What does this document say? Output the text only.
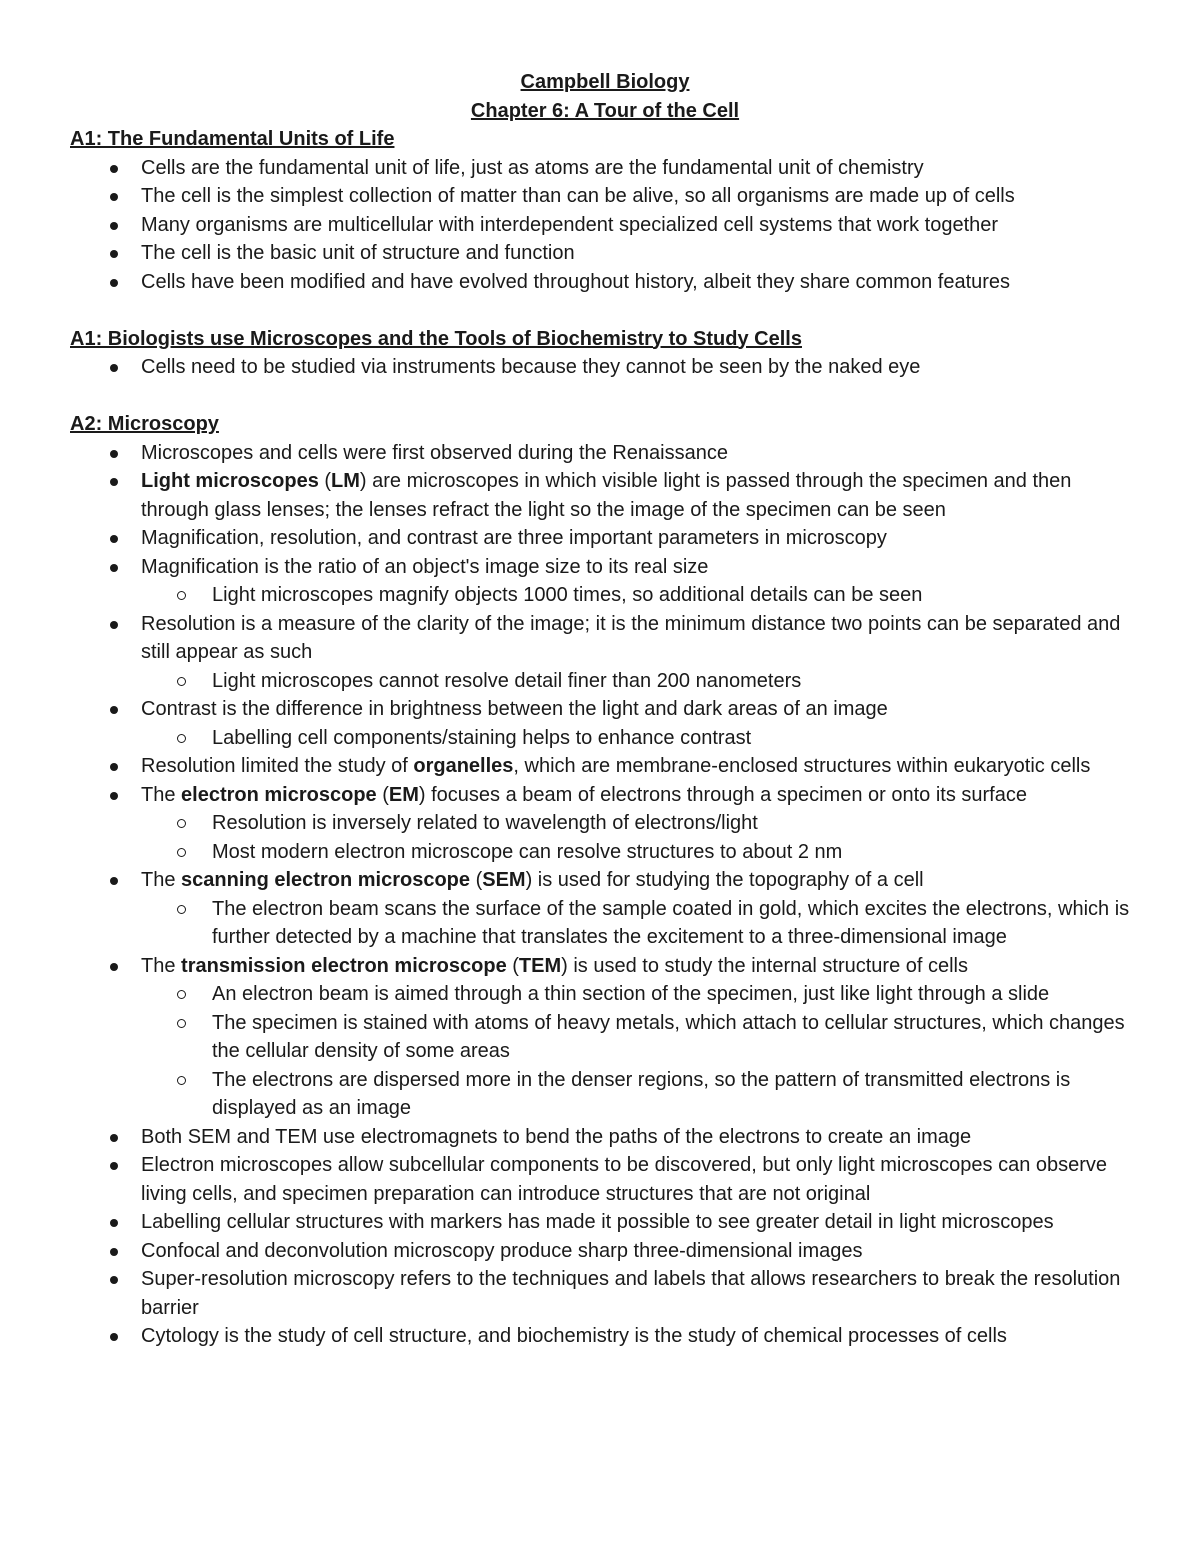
Campbell Biology

Chapter 6: A Tour of the Cell

A1: The Fundamental Units of Life

Cells are the fundamental unit of life, just as atoms are the fundamental unit of chemistry
The cell is the simplest collection of matter than can be alive, so all organisms are made up of cells
Many organisms are multicellular with interdependent specialized cell systems that work together
The cell is the basic unit of structure and function
Cells have been modified and have evolved throughout history, albeit they share common features

A1: Biologists use Microscopes and the Tools of Biochemistry to Study Cells

Cells need to be studied via instruments because they cannot be seen by the naked eye

A2: Microscopy

Microscopes and cells were first observed during the Renaissance
Light microscopes (LM) are microscopes in which visible light is passed through the specimen and then through glass lenses; the lenses refract the light so the image of the specimen can be seen
Magnification, resolution, and contrast are three important parameters in microscopy
Magnification is the ratio of an object's image size to its real size
Light microscopes magnify objects 1000 times, so additional details can be seen
Resolution is a measure of the clarity of the image; it is the minimum distance two points can be separated and still appear as such
Light microscopes cannot resolve detail finer than 200 nanometers
Contrast is the difference in brightness between the light and dark areas of an image
Labelling cell components/staining helps to enhance contrast
Resolution limited the study of organelles, which are membrane-enclosed structures within eukaryotic cells
The electron microscope (EM) focuses a beam of electrons through a specimen or onto its surface
Resolution is inversely related to wavelength of electrons/light
Most modern electron microscope can resolve structures to about 2 nm
The scanning electron microscope (SEM) is used for studying the topography of a cell
The electron beam scans the surface of the sample coated in gold, which excites the electrons, which is further detected by a machine that translates the excitement to a three-dimensional image
The transmission electron microscope (TEM) is used to study the internal structure of cells
An electron beam is aimed through a thin section of the specimen, just like light through a slide
The specimen is stained with atoms of heavy metals, which attach to cellular structures, which changes the cellular density of some areas
The electrons are dispersed more in the denser regions, so the pattern of transmitted electrons is displayed as an image
Both SEM and TEM use electromagnets to bend the paths of the electrons to create an image
Electron microscopes allow subcellular components to be discovered, but only light microscopes can observe living cells, and specimen preparation can introduce structures that are not original
Labelling cellular structures with markers has made it possible to see greater detail in light microscopes
Confocal and deconvolution microscopy produce sharp three-dimensional images
Super-resolution microscopy refers to the techniques and labels that allows researchers to break the resolution barrier
Cytology is the study of cell structure, and biochemistry is the study of chemical processes of cells
